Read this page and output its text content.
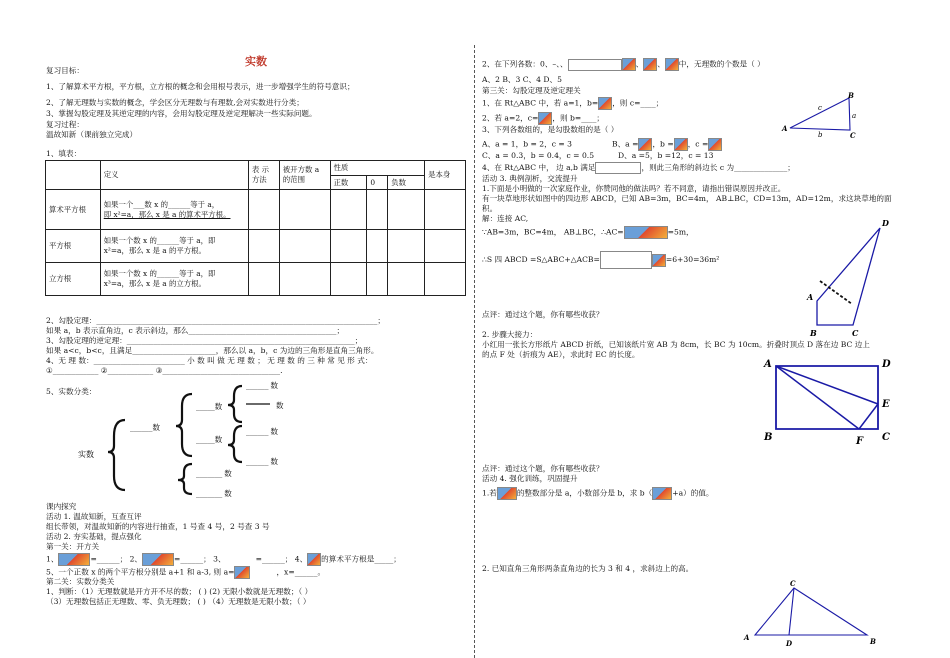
实数
复习目标：
1、了解算术平方根，平方根，立方根的概念和会用根号表示，进一步增强学生的符号意识；
2、了解无理数与实数的概念，学会区分无理数与有理数,会对实数进行分类；
3、掌握勾股定理及其逆定理的内容，会用勾股定理及逆定理解决一些实际问题。
复习过程：
温故知新（课前独立完成）
1、填表：
	定义	表 示方法	被开方数 a 的范围	性质			是本身
				正数	0	负数	
算术平方根	如果一个___数 x 的______等于 a，
即 x²=a，那么 x 是 a 的算术平方根。						

平方根	如果一个数 x 的______等于 a，即
x²=a，那么 x 是 a 的平方根。						

立方根	如果一个数 x 的______等于 a，即
x³=a，那么 x 是 a 的立方根。						

2、勾股定理：__________________________________________________________________________；
如果 a，b 表示直角边，c 表示斜边，那么_______________________________________；
3、勾股定理的逆定理：____________________________________________________________；
如果 a<c，b<c，且满足______________________，那么以 a，b，c 为边的三角形是直角三角形。
4、无 理 数：________________________ 小 数 叫 做 无 理 数 ； 无 理 数 的 三 种 常 见 形 式：
①____________ ②____________ ③_______________________________.
5、实数分类：
实数
______数
_____数
_____数
______ 数
数
______ 数
______ 数
_______ 数
_______ 数
课内探究
活动 1. 温故知新，互查互评
组长带领，对温故知新的内容进行抽查，1 号查 4 号，2 号查 3 号
活动 2. 夯实基础，提点强化
第一关：开方关
1、	=______； 2、	=______； 3、	=______； 4、 的算术平方根是_____；
5、一个正数 x 的两个平方根分别是 a+1 和 a-3, 则 a=	，x=______。
第二关：实数分类关
1、判断：（1）无理数就是开方开不尽的数； ( ) (2) 无限小数就是无理数；（ ）
（3）无理数包括正无理数、零、负无理数； ( ) （4）无理数是无限小数；（ ）
2、在下列各数：0、–、、	、 、 中，无理数的个数是（ ）
A、2 B、3 C、4 D、5
第三关：勾股定理及逆定理关
1、在 Rt△ABC 中，若 a=1，b= ，则 c=____；
2、若 a=2，c= ，则 b=____；
3、下列各数组的，是勾股数组的是（ ）
A、a = 1，b = 2，c = 3	B、a = ，b = ，c =
C、a = 0.3，b = 0.4，c = 0.5	D、a =5，b =12，c = 13
4、在 Rt△ABC 中， 边 a,b 满足	，则此三角形的斜边长 c 为______________；
活动 3. 典例剖析，交流提升
1.下面是小明做的一次家庭作业，你赞同他的做法吗？若不同意，请指出错误原因并改正。
有一块草地形状如图中的四边形 ABCD，已知 AB=3m，BC=4m， AB⊥BC，CD=13m，AD=12m，求这块草地的面
积。
解：连接 AC,
∵AB=3m，BC=4m， AB⊥BC，∴AC=	=5m，
∴S 四 ABCD =S△ABC+△ACB=	=6+30=36m²
点评：通过这个题，你有哪些收获？
2. 步骤大接力：
小红用一张长方形纸片 ABCD 折纸，已知该纸片宽 AB 为 8cm，长 BC 为 10cm。折叠时顶点 D 落在边 BC 边上
的点 F 处（折痕为 AE），求此时 EC 的长度。
点评：通过这个题，你有哪些收获？
活动 4. 强化训练，巩固提升
1.若	的整数部分是 a，小数部分是 b，求 b（	+a）的值。
2. 已知直角三角形两条直角边的长为 3 和 4 ，求斜边上的高。
A
B
C
c
b
a
D
A
B	C
A	D
E
B	C
F
C
A	B
D
